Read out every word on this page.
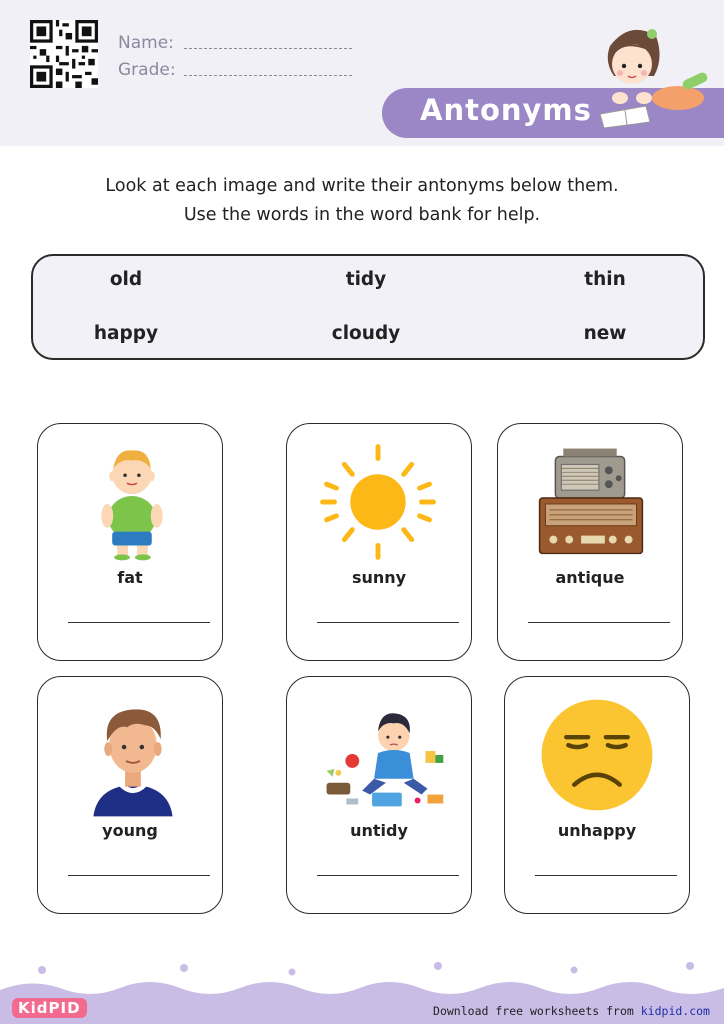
Name:
Grade:
Antonyms
Look at each image and write their antonyms below them.
Use the words in the word bank for help.
old	tidy	thin
happy	cloudy	new
fat	sunny	antique
young	untidy	unhappy
KidPID	Download free worksheets from kidpid.com
